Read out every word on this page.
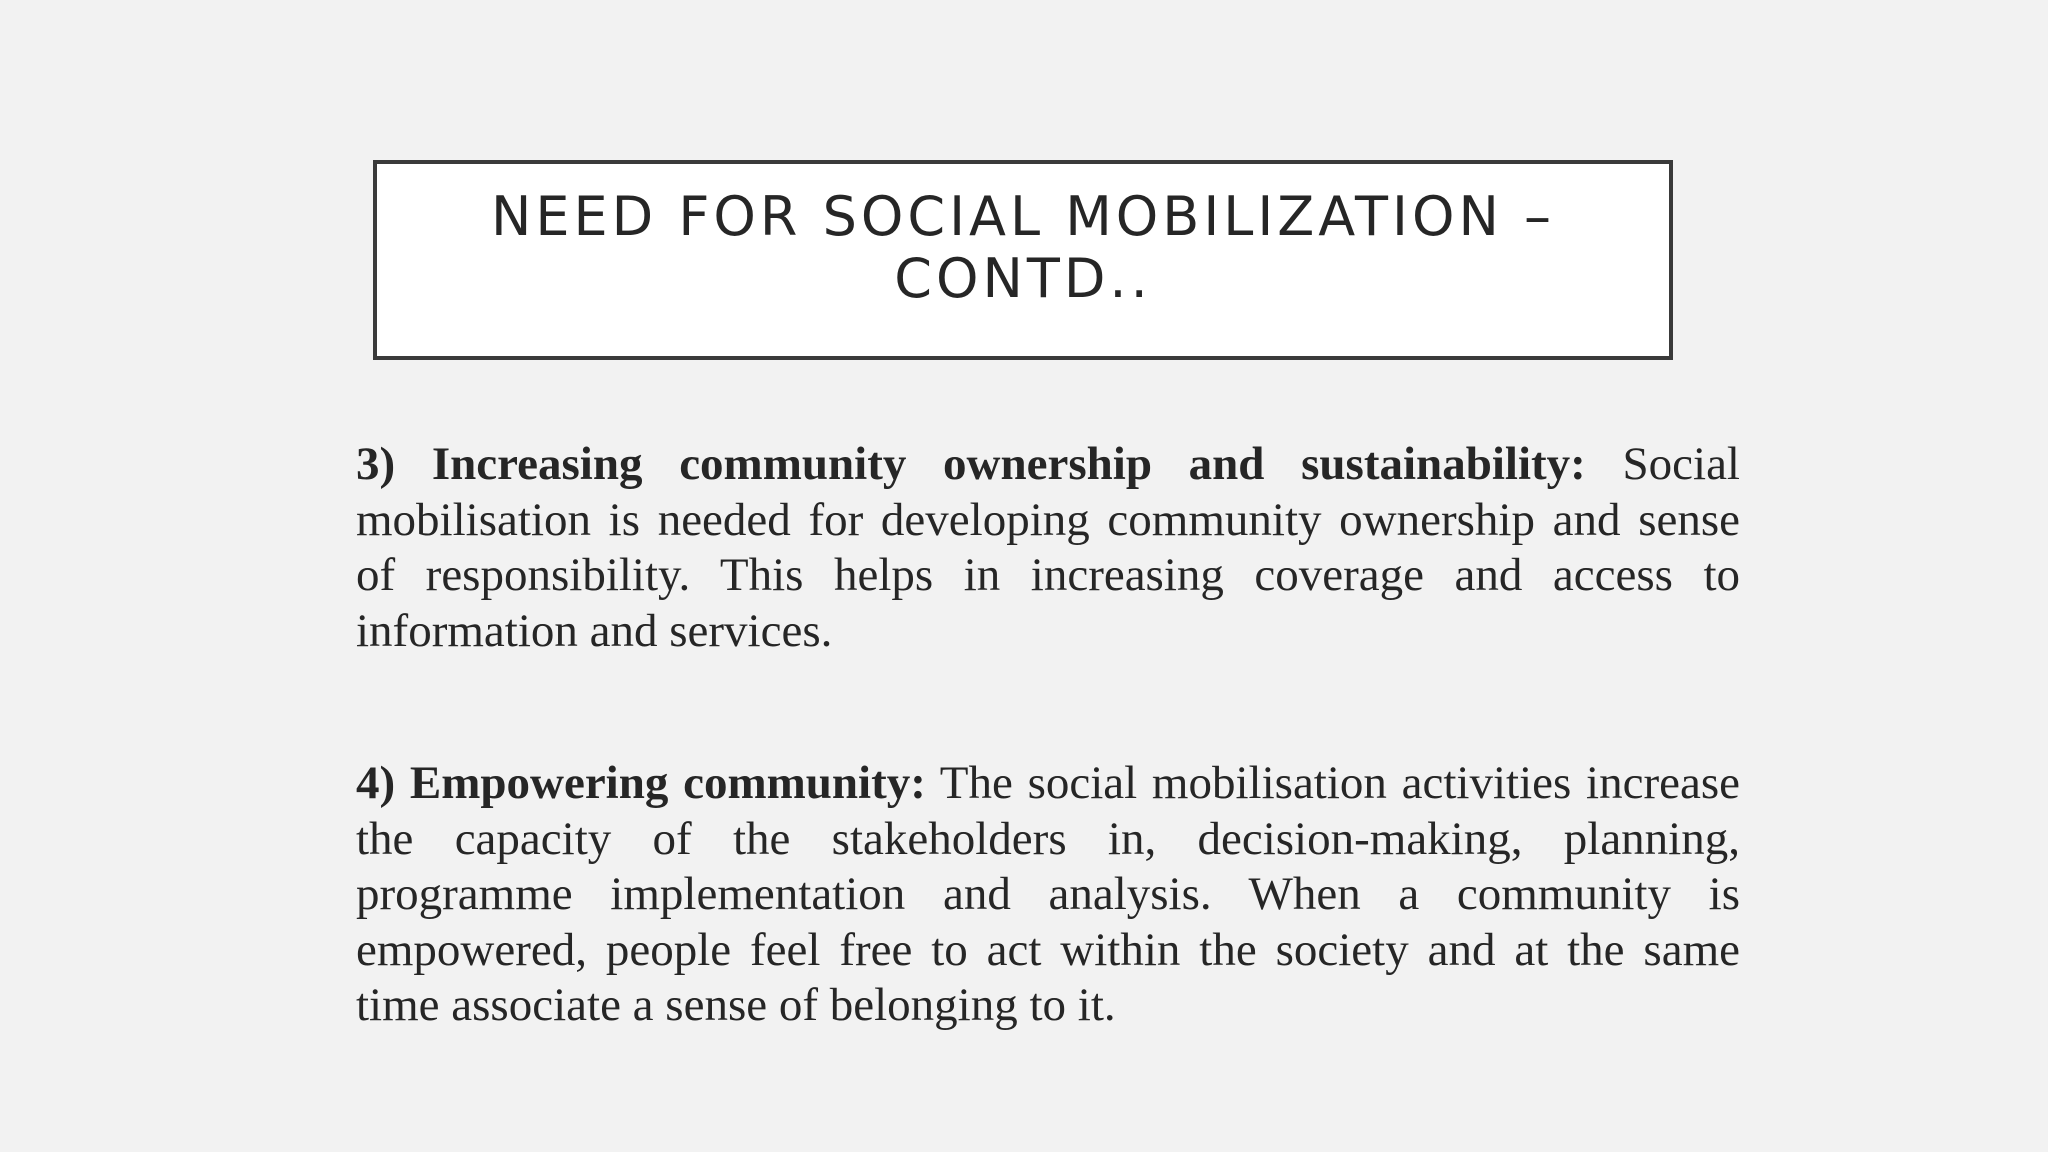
NEED FOR SOCIAL MOBILIZATION –
CONTD..

3) Increasing community ownership and sustainability: Social mobilisation is needed for developing community ownership and sense of responsibility. This helps in increasing coverage and access to information and services.

4) Empowering community: The social mobilisation activities increase the capacity of the stakeholders in, decision-making, planning, programme implementation and analysis. When a community is empowered, people feel free to act within the society and at the same time associate a sense of belonging to it.
